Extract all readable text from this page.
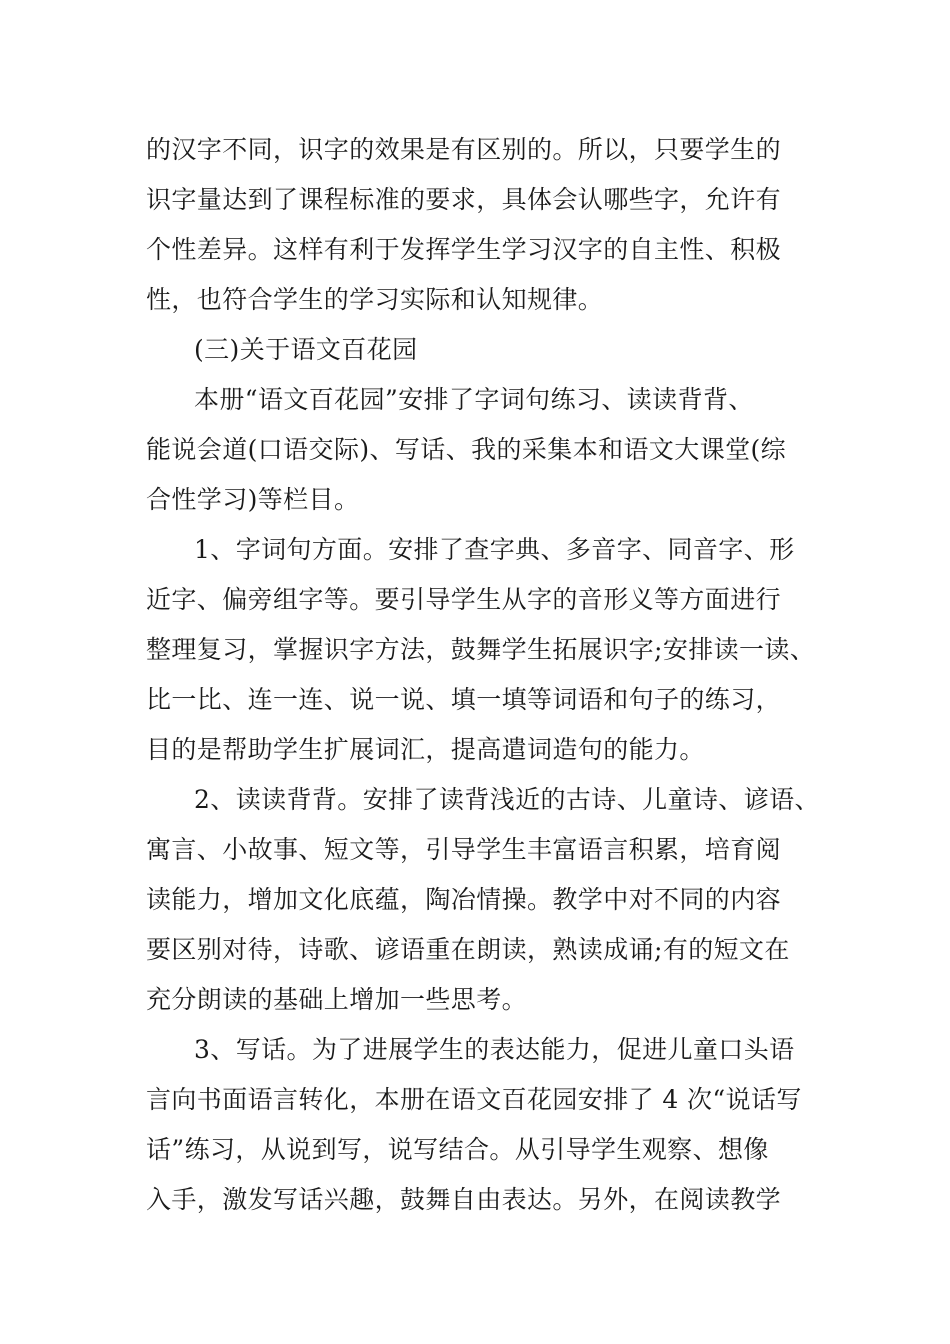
的汉字不同，识字的效果是有区别的。所以，只要学生的
识字量达到了课程标准的要求，具体会认哪些字，允许有
个性差异。这样有利于发挥学生学习汉字的自主性、积极
性，也符合学生的学习实际和认知规律。
(三)关于语文百花园
本册“语文百花园”安排了字词句练习、读读背背、
能说会道(口语交际)、写话、我的采集本和语文大课堂(综
合性学习)等栏目。
1、字词句方面。安排了查字典、多音字、同音字、形
近字、偏旁组字等。要引导学生从字的音形义等方面进行
整理复习，掌握识字方法，鼓舞学生拓展识字;安排读一读、
比一比、连一连、说一说、填一填等词语和句子的练习，
目的是帮助学生扩展词汇，提高遣词造句的能力。
2、读读背背。安排了读背浅近的古诗、儿童诗、谚语、
寓言、小故事、短文等，引导学生丰富语言积累，培育阅
读能力，增加文化底蕴，陶冶情操。教学中对不同的内容
要区别对待，诗歌、谚语重在朗读，熟读成诵;有的短文在
充分朗读的基础上增加一些思考。
3、写话。为了进展学生的表达能力，促进儿童口头语
言向书面语言转化，本册在语文百花园安排了 4 次“说话写
话”练习，从说到写，说写结合。从引导学生观察、想像
入手，激发写话兴趣，鼓舞自由表达。另外，在阅读教学
